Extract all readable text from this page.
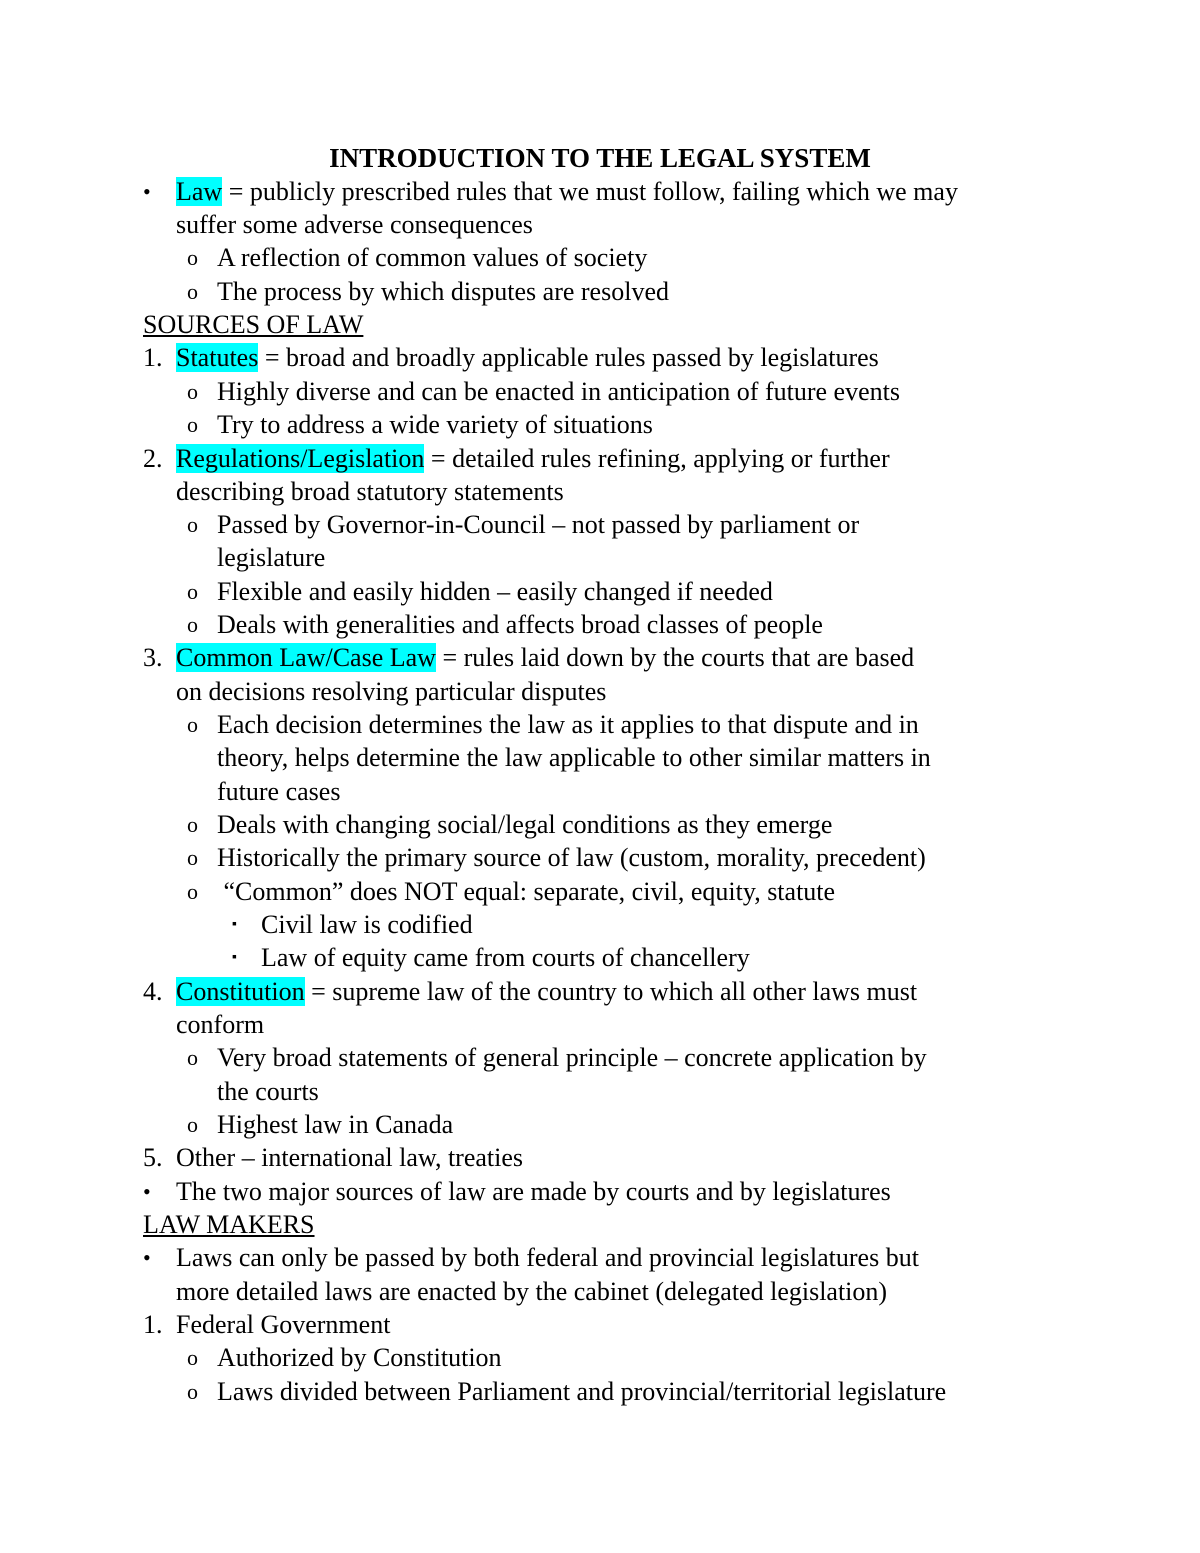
INTRODUCTION TO THE LEGAL SYSTEM
• Law = publicly prescribed rules that we must follow, failing which we may
suffer some adverse consequences
o A reflection of common values of society
o The process by which disputes are resolved
SOURCES OF LAW
1. Statutes = broad and broadly applicable rules passed by legislatures
o Highly diverse and can be enacted in anticipation of future events
o Try to address a wide variety of situations
2. Regulations/Legislation = detailed rules refining, applying or further
describing broad statutory statements
o Passed by Governor-in-Council – not passed by parliament or
legislature
o Flexible and easily hidden – easily changed if needed
o Deals with generalities and affects broad classes of people
3. Common Law/Case Law = rules laid down by the courts that are based
on decisions resolving particular disputes
o Each decision determines the law as it applies to that dispute and in
theory, helps determine the law applicable to other similar matters in
future cases
o Deals with changing social/legal conditions as they emerge
o Historically the primary source of law (custom, morality, precedent)
o “Common” does NOT equal: separate, civil, equity, statute
▪ Civil law is codified
▪ Law of equity came from courts of chancellery
4. Constitution = supreme law of the country to which all other laws must
conform
o Very broad statements of general principle – concrete application by
the courts
o Highest law in Canada
5. Other – international law, treaties
• The two major sources of law are made by courts and by legislatures
LAW MAKERS
• Laws can only be passed by both federal and provincial legislatures but
more detailed laws are enacted by the cabinet (delegated legislation)
1. Federal Government
o Authorized by Constitution
o Laws divided between Parliament and provincial/territorial legislature
